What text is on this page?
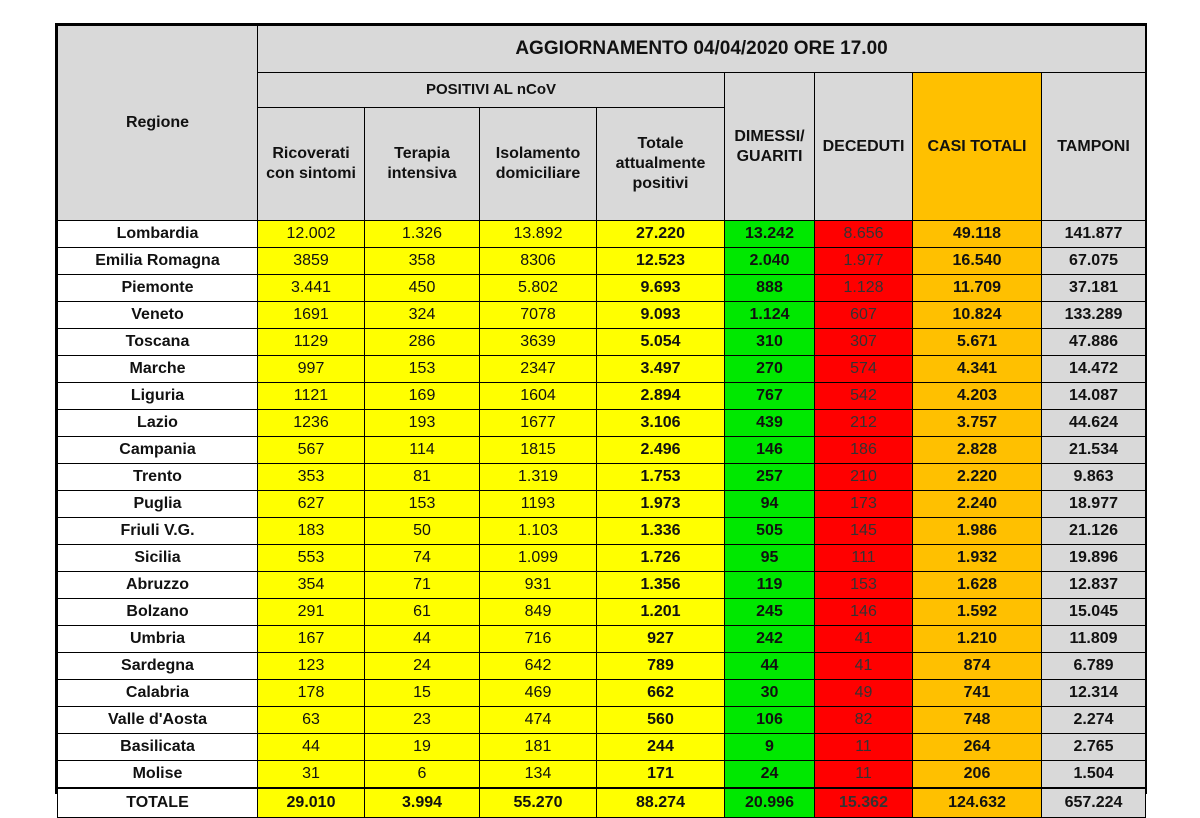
Regione	AGGIORNAMENTO 04/04/2020 ORE 17.00							
	POSITIVI AL nCoV				DIMESSI/ GUARITI	DECEDUTI	CASI TOTALI	TAMPONI
	Ricoverati con sintomi	Terapia intensiva	Isolamento domiciliare	Totale attualmente positivi				
Lombardia	12.002	1.326	13.892	27.220	13.242	8.656	49.118	141.877
Emilia Romagna	3859	358	8306	12.523	2.040	1.977	16.540	67.075
Piemonte	3.441	450	5.802	9.693	888	1.128	11.709	37.181
Veneto	1691	324	7078	9.093	1.124	607	10.824	133.289
Toscana	1129	286	3639	5.054	310	307	5.671	47.886
Marche	997	153	2347	3.497	270	574	4.341	14.472
Liguria	1121	169	1604	2.894	767	542	4.203	14.087
Lazio	1236	193	1677	3.106	439	212	3.757	44.624
Campania	567	114	1815	2.496	146	186	2.828	21.534
Trento	353	81	1.319	1.753	257	210	2.220	9.863
Puglia	627	153	1193	1.973	94	173	2.240	18.977
Friuli V.G.	183	50	1.103	1.336	505	145	1.986	21.126
Sicilia	553	74	1.099	1.726	95	111	1.932	19.896
Abruzzo	354	71	931	1.356	119	153	1.628	12.837
Bolzano	291	61	849	1.201	245	146	1.592	15.045
Umbria	167	44	716	927	242	41	1.210	11.809
Sardegna	123	24	642	789	44	41	874	6.789
Calabria	178	15	469	662	30	49	741	12.314
Valle d'Aosta	63	23	474	560	106	82	748	2.274
Basilicata	44	19	181	244	9	11	264	2.765
Molise	31	6	134	171	24	11	206	1.504
TOTALE	29.010	3.994	55.270	88.274	20.996	15.362	124.632	657.224
